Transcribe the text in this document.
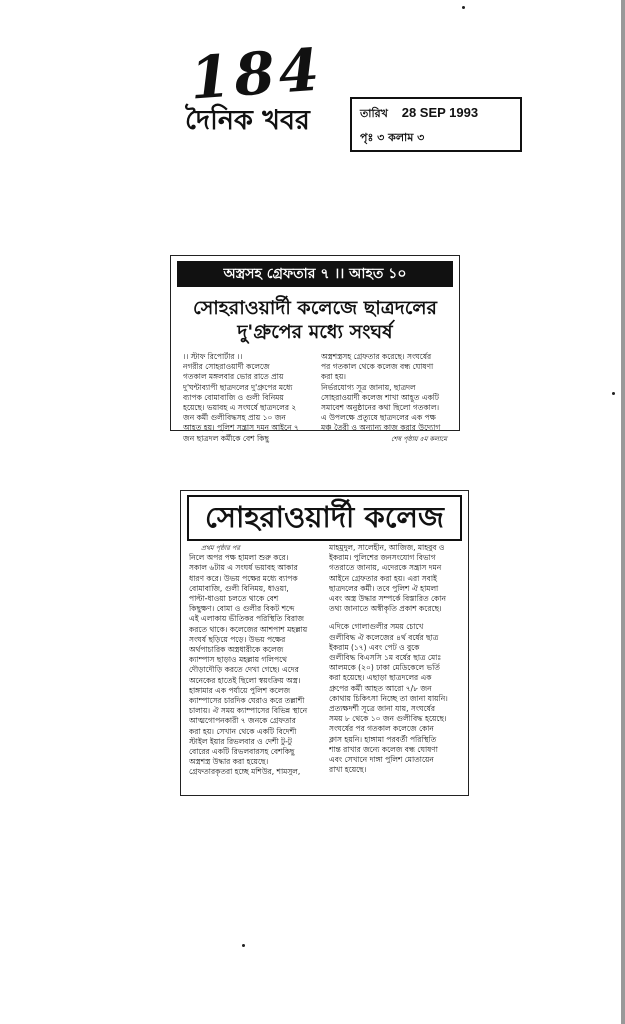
184
দৈনিক খবর	তারিখ 28 SEP 1993
পৃঃ ৩ কলাম ৩
অস্ত্রসহ গ্রেফতার ৭ ।। আহত ১০
সোহরাওয়ার্দী কলেজে ছাত্রদলের
দু'গ্রুপের মধ্যে সংঘর্ষ
।। স্টাফ রিপোর্টার ।।
নগরীর সোহরাওয়ার্দী কলেজে
গতকাল মঙ্গলবার ভোর রাতে প্রায়
দু'ঘন্টাব্যাপী ছাত্রদলের দু'গ্রুপের মধ্যে
ব্যাপক বোমাবাজি ও গুলী বিনিময়
হয়েছে। ভয়াবহ এ সংঘর্ষে ছাত্রদলের ২
জন কর্মী গুলীবিদ্ধসহ প্রায় ১০ জন
আহত হয়। পুলিশ সন্ত্রাস দমন আইনে ৭
জন ছাত্রদল কর্মীকে বেশ কিছু
অস্ত্রশস্ত্রসহ গ্রেফতার করেছে। সংঘর্ষের
পর গতকাল থেকে কলেজ বন্ধ ঘোষণা
করা হয়।
নির্ভরযোগ্য সূত্র জানায়, ছাত্রদল
সোহরাওয়ার্দী কলেজ শাখা আহূত একটি
সমাবেশ অনুষ্ঠানের কথা ছিলো গতকাল।
এ উপলক্ষে প্রত্যুষে ছাত্রদলের এক পক্ষ
মঞ্চ তৈরী ও অন্যান্য কাজ করার উদ্যোগ
শেষ পৃষ্ঠায় ৫ম কলামে
সোহরাওয়ার্দী কলেজ
প্রথম পৃষ্ঠার পর
নিলে অপর পক্ষ হামলা শুরু করে।
সকাল ৬টায় এ সংঘর্ষ ভয়াবহ আকার
ধারণ করে। উভয় পক্ষের মধ্যে ব্যাপক
বোমাবাজি, গুলী বিনিময়, ধাওয়া,
পাল্টা-ধাওয়া চলতে থাকে বেশ
কিছুক্ষণ। বোমা ও গুলীর বিকট শব্দে
এই এলাকায় ভীতিকর পরিস্থিতি বিরাজ
করতে থাকে। কলেজের আশপাশ মহল্লায়
সংঘর্ষ ছড়িয়ে পড়ে। উভয় পক্ষের
অর্থপাচারিক অস্ত্রধারীকে কলেজ
ক্যাম্পাস ছাড়াও মহল্লায় গলিপথে
দৌড়াদৌড়ি করতে দেখা গেছে। এদের
অনেকের হাতেই ছিলো স্বয়ংক্রিয় অস্ত্র।
হাঙ্গামার এক পর্যায়ে পুলিশ কলেজ
ক্যাম্পাসের চারদিক ঘেরাও করে তল্লাশী
চালায়। ঐ সময় ক্যাম্পাসের বিভিন্ন স্থানে
আত্মগোপনকারী ৭ জনকে গ্রেফতার
করা হয়। সেখান থেকে একটি বিদেশী
স্টাইল ইয়ার রিভলবার ও দেশী টু-টু
বোরের একটি রিভলবারসহ বেশকিছু
অস্ত্রশস্ত্র উদ্ধার করা হয়েছে।
গ্রেফতারকৃতরা হচ্ছে মশিউর, শামসুল,
মাহমুদুল, সালেহীন, আজিজ, মাহবুব ও
ইকরাম। পুলিশের জনসংযোগ বিভাগ
গতরাতে জানায়, এদেরকে সন্ত্রাস দমন
আইনে গ্রেফতার করা হয়। এরা সবাই
ছাত্রদলের কর্মী। তবে পুলিশ ঐ হামলা
এবং অস্ত্র উদ্ধার সম্পর্কে বিস্তারিত কোন
তথ্য জানাতে অস্বীকৃতি প্রকাশ করেছে।
এদিকে গোলাগুলীর সময় চোখে
গুলীবিদ্ধ ঐ কলেজের ৪র্থ বর্ষের ছাত্র
ইকরাম (১৭) এবং পেট ও বুকে
গুলীবিদ্ধ বিএসসি ১ম বর্ষের ছাত্র মোঃ
আলমকে (২০) ঢাকা মেডিকেলে ভর্তি
করা হয়েছে। এছাড়া ছাত্রদলের এক
গ্রুপের কর্মী আহত আরো ৭/৮ জন
কোথায় চিকিৎসা নিচ্ছে তা জানা যায়নি।
প্রত্যক্ষদর্শী সূত্রে জানা যায়, সংঘর্ষের
সময় ৮ থেকে ১০ জন গুলীবিদ্ধ হয়েছে।
সংঘর্ষের পর গতকাল কলেজে কোন
ক্লাস হয়নি। হাঙ্গামা পরবর্তী পরিস্থিতি
শান্ত রাখার জন্যে কলেজ বন্ধ ঘোষণা
এবং সেখানে দাঙ্গা পুলিশ মোতায়েন
রাখা হয়েছে।
